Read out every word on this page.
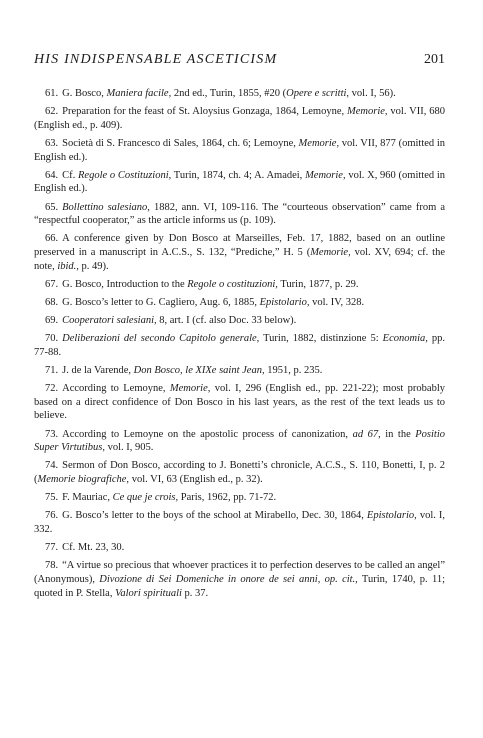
HIS INDISPENSABLE ASCETICISM	201

61. G. Bosco, Maniera facile, 2nd ed., Turin, 1855, #20 (Opere e scritti, vol. I, 56).

62. Preparation for the feast of St. Aloysius Gonzaga, 1864, Lemoyne, Memorie, vol. VII, 680 (English ed., p. 409).

63. Società di S. Francesco di Sales, 1864, ch. 6; Lemoyne, Memorie, vol. VII, 877 (omitted in English ed.).

64. Cf. Regole o Costituzioni, Turin, 1874, ch. 4; A. Amadei, Memorie, vol. X, 960 (omitted in English ed.).

65. Bollettino salesiano, 1882, ann. VI, 109-116. The “courteous observation” came from a “respectful cooperator,” as the article informs us (p. 109).

66. A conference given by Don Bosco at Marseilles, Feb. 17, 1882, based on an outline preserved in a manuscript in A.C.S., S. 132, “Prediche,” H. 5 (Memorie, vol. XV, 694; cf. the note, ibid., p. 49).

67. G. Bosco, Introduction to the Regole o costituzioni, Turin, 1877, p. 29.

68. G. Bosco’s letter to G. Cagliero, Aug. 6, 1885, Epistolario, vol. IV, 328.

69. Cooperatori salesiani, 8, art. I (cf. also Doc. 33 below).

70. Deliberazioni del secondo Capitolo generale, Turin, 1882, distinzione 5: Economia, pp. 77-88.

71. J. de la Varende, Don Bosco, le XIXe saint Jean, 1951, p. 235.

72. According to Lemoyne, Memorie, vol. I, 296 (English ed., pp. 221-22); most probably based on a direct confidence of Don Bosco in his last years, as the rest of the text leads us to believe.

73. According to Lemoyne on the apostolic process of canonization, ad 67, in the Positio Super Virtutibus, vol. I, 905.

74. Sermon of Don Bosco, according to J. Bonetti’s chronicle, A.C.S., S. 110, Bonetti, I, p. 2 (Memorie biografiche, vol. VI, 63 (English ed., p. 32).

75. F. Mauriac, Ce que je crois, Paris, 1962, pp. 71-72.

76. G. Bosco’s letter to the boys of the school at Mirabello, Dec. 30, 1864, Epistolario, vol. I, 332.

77. Cf. Mt. 23, 30.

78. “A virtue so precious that whoever practices it to perfection deserves to be called an angel” (Anonymous), Divozione di Sei Domeniche in onore de sei anni, op. cit., Turin, 1740, p. 11; quoted in P. Stella, Valori spirituali p. 37.
